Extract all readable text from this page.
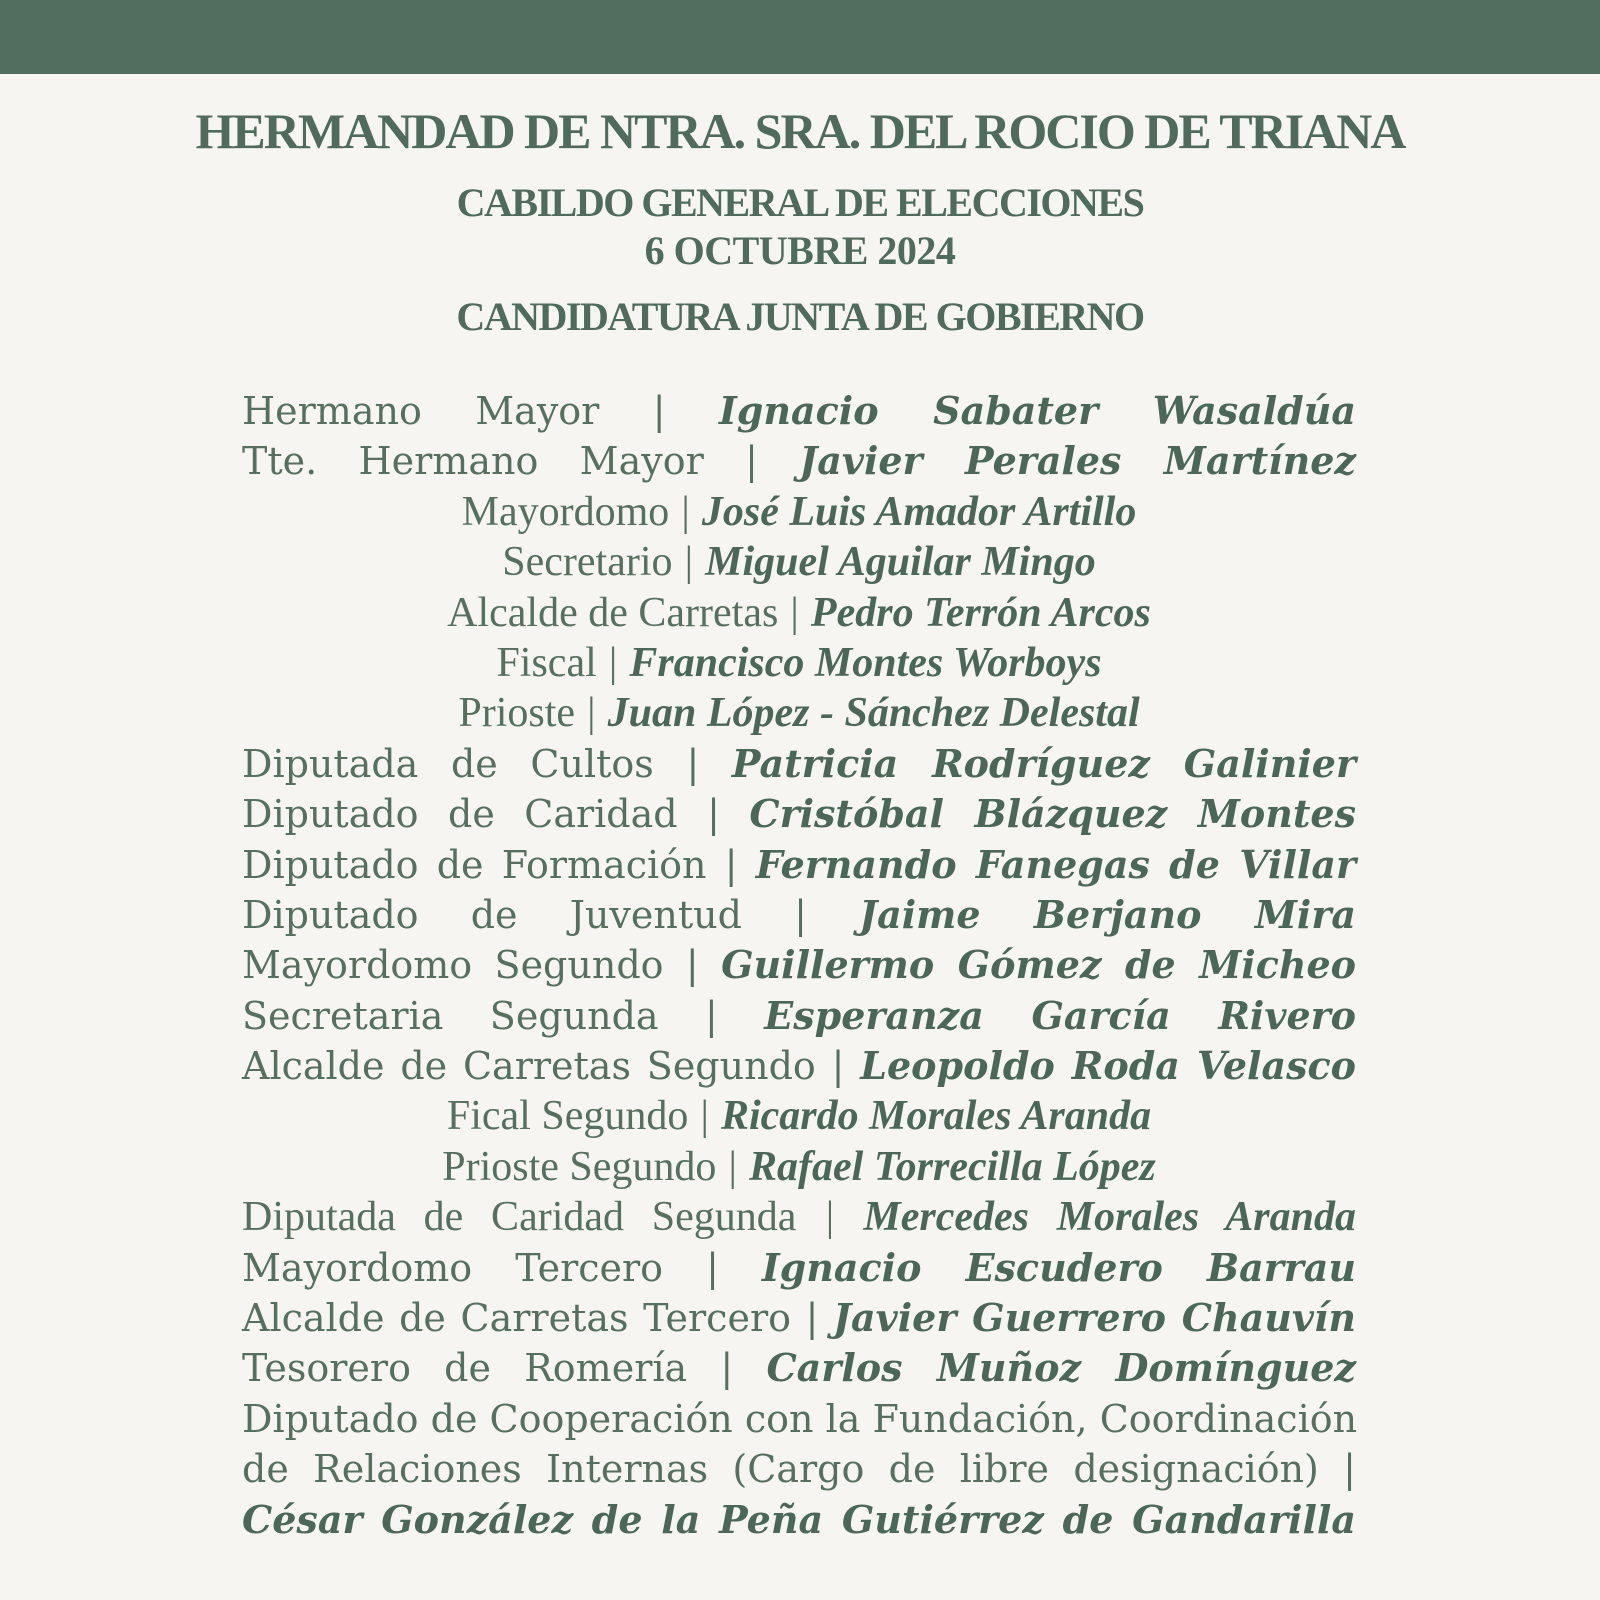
HERMANDAD DE NTRA. SRA. DEL ROCIO DE TRIANA
CABILDO GENERAL DE ELECCIONES
6 OCTUBRE 2024
CANDIDATURA JUNTA DE GOBIERNO
Hermano Mayor | Ignacio Sabater Wasaldúa
Tte. Hermano Mayor | Javier Perales Martínez
Mayordomo | José Luis Amador Artillo
Secretario | Miguel Aguilar Mingo
Alcalde de Carretas | Pedro Terrón Arcos
Fiscal | Francisco Montes Worboys
Prioste | Juan López - Sánchez Delestal
Diputada de Cultos | Patricia Rodríguez Galinier
Diputado de Caridad | Cristóbal Blázquez Montes
Diputado de Formación | Fernando Fanegas de Villar
Diputado de Juventud | Jaime Berjano Mira
Mayordomo Segundo | Guillermo Gómez de Micheo
Secretaria Segunda | Esperanza García Rivero
Alcalde de Carretas Segundo | Leopoldo Roda Velasco
Fical Segundo | Ricardo Morales Aranda
Prioste Segundo | Rafael Torrecilla López
Diputada de Caridad Segunda | Mercedes Morales Aranda
Mayordomo Tercero | Ignacio Escudero Barrau
Alcalde de Carretas Tercero | Javier Guerrero Chauvín
Tesorero de Romería | Carlos Muñoz Domínguez
Diputado de Cooperación con la Fundación, Coordinación
de Relaciones Internas (Cargo de libre designación) |
César González de la Peña Gutiérrez de Gandarilla
